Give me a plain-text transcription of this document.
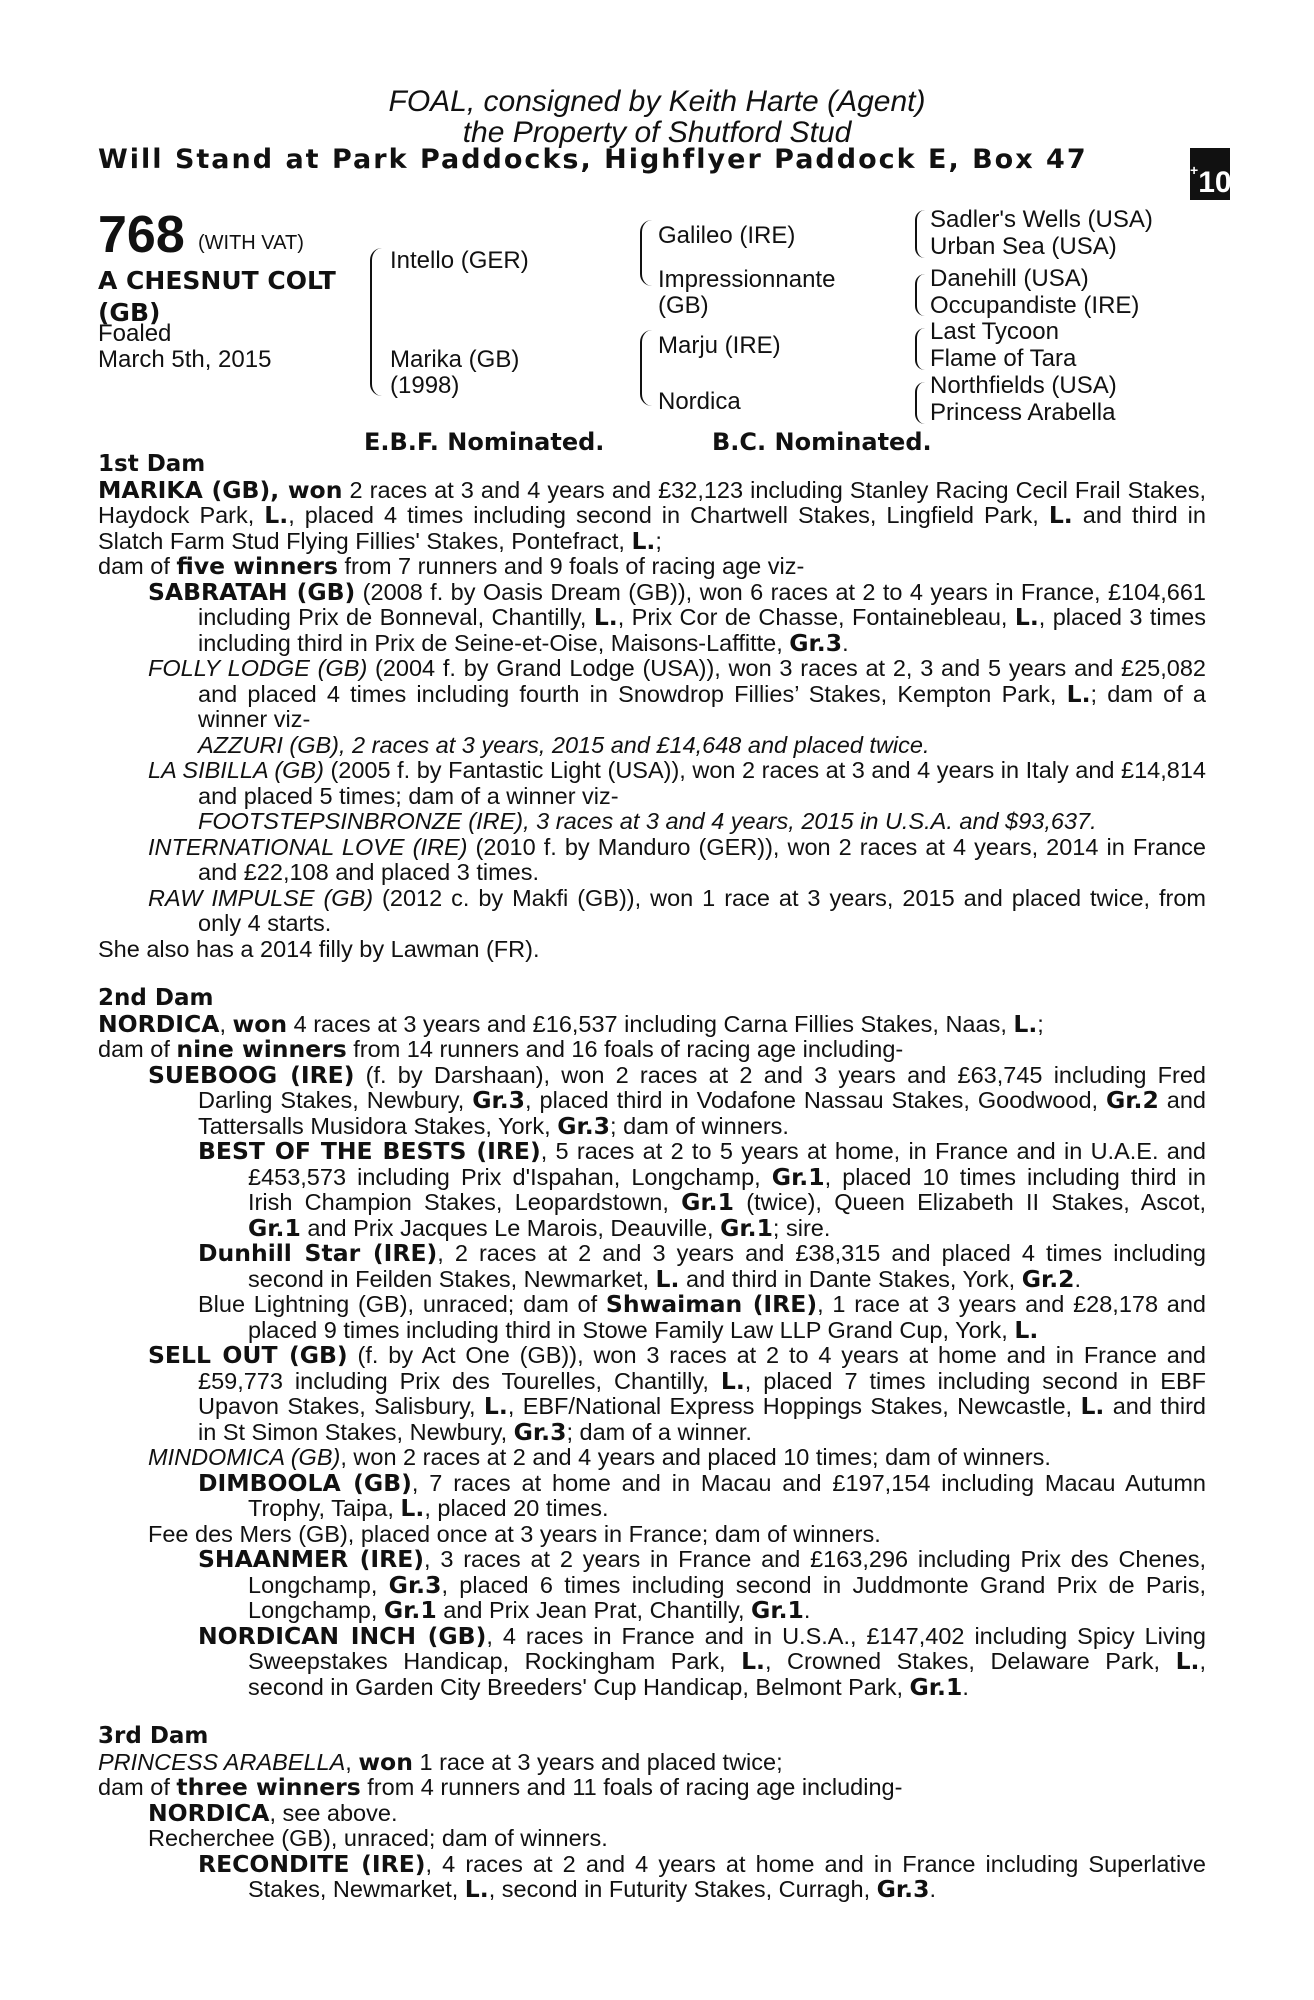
FOAL, consigned by Keith Harte (Agent)
the Property of Shutford Stud
Will Stand at Park Paddocks, Highflyer Paddock E, Box 47	+10
768 (WITH VAT)
A CHESNUT COLT
(GB)
Foaled
March 5th, 2015
Intello (GER)
Marika (GB)
(1998)
Galileo (IRE)
Impressionnante
(GB)
Marju (IRE)
Nordica
Sadler's Wells (USA)
Urban Sea (USA)
Danehill (USA)
Occupandiste (IRE)
Last Tycoon
Flame of Tara
Northfields (USA)
Princess Arabella
E.B.F. Nominated.	B.C. Nominated.

1st Dam

MARIKA (GB), won 2 races at 3 and 4 years and £32,123 including Stanley Racing Cecil Frail Stakes, Haydock Park, L., placed 4 times including second in Chartwell Stakes, Lingfield Park, L. and third in Slatch Farm Stud Flying Fillies' Stakes, Pontefract, L.;

dam of five winners from 7 runners and 9 foals of racing age viz-

SABRATAH (GB) (2008 f. by Oasis Dream (GB)), won 6 races at 2 to 4 years in France, £104,661 including Prix de Bonneval, Chantilly, L., Prix Cor de Chasse, Fontainebleau, L., placed 3 times including third in Prix de Seine-et-Oise, Maisons-Laffitte, Gr.3.

FOLLY LODGE (GB) (2004 f. by Grand Lodge (USA)), won 3 races at 2, 3 and 5 years and £25,082 and placed 4 times including fourth in Snowdrop Fillies’ Stakes, Kempton Park, L.; dam of a winner viz-

AZZURI (GB), 2 races at 3 years, 2015 and £14,648 and placed twice.

LA SIBILLA (GB) (2005 f. by Fantastic Light (USA)), won 2 races at 3 and 4 years in Italy and £14,814 and placed 5 times; dam of a winner viz-

FOOTSTEPSINBRONZE (IRE), 3 races at 3 and 4 years, 2015 in U.S.A. and $93,637.

INTERNATIONAL LOVE (IRE) (2010 f. by Manduro (GER)), won 2 races at 4 years, 2014 in France and £22,108 and placed 3 times.

RAW IMPULSE (GB) (2012 c. by Makfi (GB)), won 1 race at 3 years, 2015 and placed twice, from only 4 starts.

She also has a 2014 filly by Lawman (FR).

2nd Dam

NORDICA, won 4 races at 3 years and £16,537 including Carna Fillies Stakes, Naas, L.;

dam of nine winners from 14 runners and 16 foals of racing age including-

SUEBOOG (IRE) (f. by Darshaan), won 2 races at 2 and 3 years and £63,745 including Fred Darling Stakes, Newbury, Gr.3, placed third in Vodafone Nassau Stakes, Goodwood, Gr.2 and Tattersalls Musidora Stakes, York, Gr.3; dam of winners.

BEST OF THE BESTS (IRE), 5 races at 2 to 5 years at home, in France and in U.A.E. and £453,573 including Prix d'Ispahan, Longchamp, Gr.1, placed 10 times including third in Irish Champion Stakes, Leopardstown, Gr.1 (twice), Queen Elizabeth II Stakes, Ascot, Gr.1 and Prix Jacques Le Marois, Deauville, Gr.1; sire.

Dunhill Star (IRE), 2 races at 2 and 3 years and £38,315 and placed 4 times including second in Feilden Stakes, Newmarket, L. and third in Dante Stakes, York, Gr.2.

Blue Lightning (GB), unraced; dam of Shwaiman (IRE), 1 race at 3 years and £28,178 and placed 9 times including third in Stowe Family Law LLP Grand Cup, York, L.

SELL OUT (GB) (f. by Act One (GB)), won 3 races at 2 to 4 years at home and in France and £59,773 including Prix des Tourelles, Chantilly, L., placed 7 times including second in EBF Upavon Stakes, Salisbury, L., EBF/National Express Hoppings Stakes, Newcastle, L. and third in St Simon Stakes, Newbury, Gr.3; dam of a winner.

MINDOMICA (GB), won 2 races at 2 and 4 years and placed 10 times; dam of winners.

DIMBOOLA (GB), 7 races at home and in Macau and £197,154 including Macau Autumn Trophy, Taipa, L., placed 20 times.

Fee des Mers (GB), placed once at 3 years in France; dam of winners.

SHAANMER (IRE), 3 races at 2 years in France and £163,296 including Prix des Chenes, Longchamp, Gr.3, placed 6 times including second in Juddmonte Grand Prix de Paris, Longchamp, Gr.1 and Prix Jean Prat, Chantilly, Gr.1.

NORDICAN INCH (GB), 4 races in France and in U.S.A., £147,402 including Spicy Living Sweepstakes Handicap, Rockingham Park, L., Crowned Stakes, Delaware Park, L., second in Garden City Breeders' Cup Handicap, Belmont Park, Gr.1.

3rd Dam

PRINCESS ARABELLA, won 1 race at 3 years and placed twice;

dam of three winners from 4 runners and 11 foals of racing age including-

NORDICA, see above.

Recherchee (GB), unraced; dam of winners.

RECONDITE (IRE), 4 races at 2 and 4 years at home and in France including Superlative Stakes, Newmarket, L., second in Futurity Stakes, Curragh, Gr.3.
